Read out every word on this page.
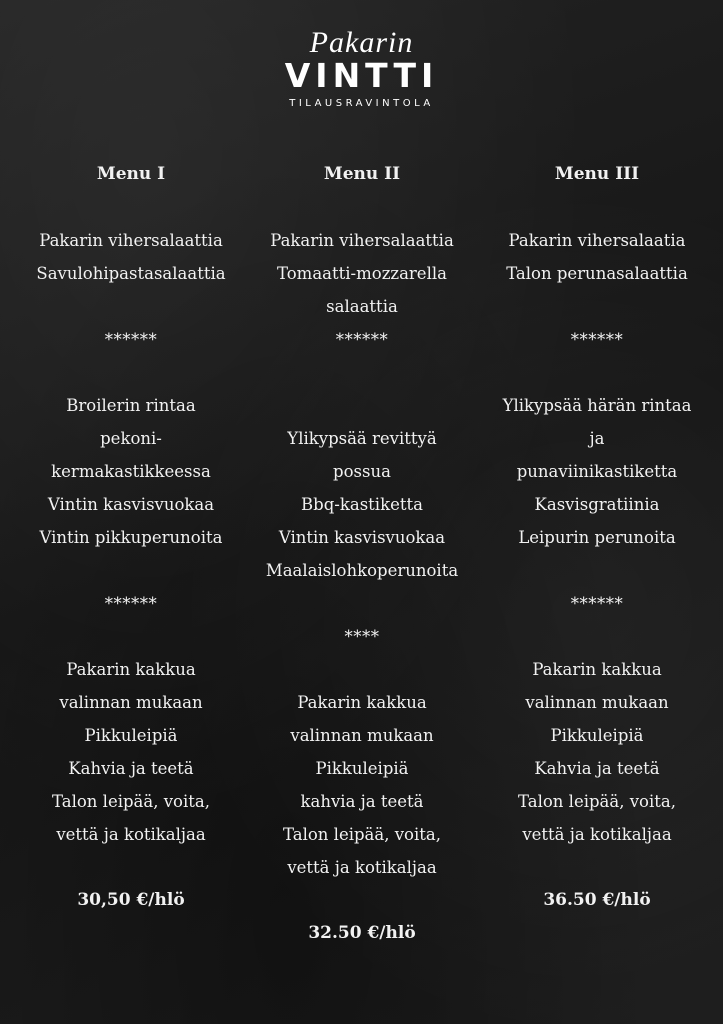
Pakarin
VINTTI
TILAUSRAVINTOLA
Menu I
Pakarin vihersalaattia
Savulohipastasalaattia
******
Broilerin rintaa
pekoni-
kermakastikkeessa
Vintin kasvisvuokaa
Vintin pikkuperunoita
******
Pakarin kakkua
valinnan mukaan
Pikkuleipiä
Kahvia ja teetä
Talon leipää, voita,
vettä ja kotikaljaa
30,50 €/hlö
Menu II
Pakarin vihersalaattia
Tomaatti-mozzarella
salaattia
******
Ylikypsää revittyä
possua
Bbq-kastiketta
Vintin kasvisvuokaa
Maalaislohkoperunoita
****
Pakarin kakkua
valinnan mukaan
Pikkuleipiä
kahvia ja teetä
Talon leipää, voita,
vettä ja kotikaljaa
32.50 €/hlö
Menu III
Pakarin vihersalaatia
Talon perunasalaattia
******
Ylikypsää härän rintaa
ja
punaviinikastiketta
Kasvisgratiinia
Leipurin perunoita
******
Pakarin kakkua
valinnan mukaan
Pikkuleipiä
Kahvia ja teetä
Talon leipää, voita,
vettä ja kotikaljaa
36.50 €/hlö
